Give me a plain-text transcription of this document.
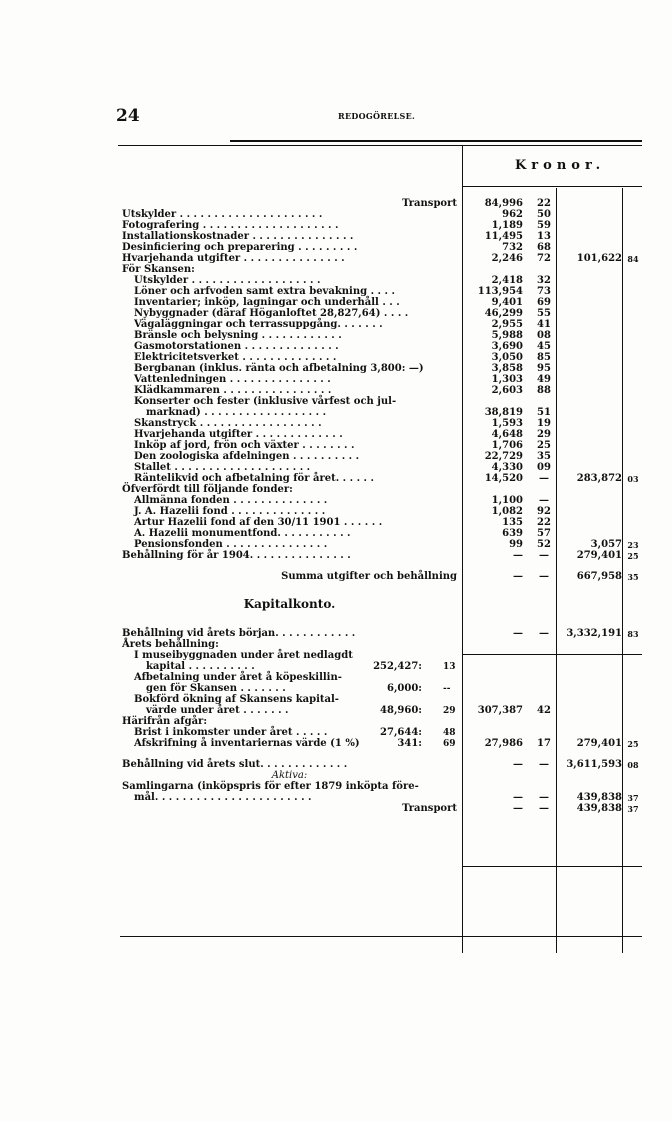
24	REDOGÖRELSE.
Kronor.
Transport	84,996	22
Utskylder . . . . . . . . . . . . . . . . . . . . .	962	50
Fotografering . . . . . . . . . . . . . . . . . . . .	1,189	59
Installationskostnader . . . . . . . . . . . . . . .	11,495	13
Desinficiering och preparering . . . . . . . . .	732	68
Hvarjehanda utgifter . . . . . . . . . . . . . . .	2,246	72	101,622 84
För Skansen:
Utskylder . . . . . . . . . . . . . . . . . . .	2,418	32
Löner och arfvoden samt extra bevakning . . . .	113,954	73
Inventarier; inköp, lagningar och underhåll . . .	9,401	69
Nybyggnader (däraf Höganloftet 28,827,64) . . . .	46,299	55
Vägaläggningar och terrassuppgång. . . . . . .	2,955	41
Bränsle och belysning . . . . . . . . . . . .	5,988	08
Gasmotorstationen . . . . . . . . . . . . . .	3,690	45
Elektricitetsverket . . . . . . . . . . . . . .	3,050	85
Bergbanan (inklus. ränta och afbetalning 3,800: —)	3,858	95
Vattenledningen . . . . . . . . . . . . . . .	1,303	49
Klädkammaren . . . . . . . . . . . . . . . .	2,603	88
Konserter och fester (inklusive vårfest och jul-
marknad) . . . . . . . . . . . . . . . . . .	38,819	51
Skanstryck . . . . . . . . . . . . . . . . . .	1,593	19
Hvarjehanda utgifter . . . . . . . . . . . . .	4,648	29
Inköp af jord, frön och växter . . . . . . . .	1,706	25
Den zoologiska afdelningen . . . . . . . . . .	22,729	35
Stallet . . . . . . . . . . . . . . . . . . . .	4,330	09
Räntelikvid och afbetalning för året. . . . . .	14,520	—	283,872 03
Öfverfördt till följande fonder:
Allmänna fonden . . . . . . . . . . . . . .	1,100	—
J. A. Hazelii fond . . . . . . . . . . . . . .	1,082	92
Artur Hazelii fond af den 30/11 1901 . . . . . .	135	22
A. Hazelii monumentfond. . . . . . . . . . .	639	57
Pensionsfonden . . . . . . . . . . . . . . .	99	52	3,057 23
Behållning för år 1904. . . . . . . . . . . . . . .	—	—	279,401 25
Summa utgifter och behållning	—	—	667,958 35
Kapitalkonto.
Behållning vid årets början. . . . . . . . . . . .	—	—	3,332,191 83
Årets behållning:
I museibyggnaden under året nedlagdt
kapital . . . . . . . . . .	252,427: 13
Afbetalning under året å köpeskillin-
gen för Skansen . . . . . . .	6,000: --
Bokförd ökning af Skansens kapital-
värde under året . . . . . . .	48,960: 29	307,387	42
Härifrån afgår:
Brist i inkomster under året . . . . .	27,644: 48
Afskrifning å inventariernas värde (1 %)	341: 69	27,986	17	279,401 25
Behållning vid årets slut. . . . . . . . . . . . .	—	—	3,611,593 08
Aktiva:
Samlingarna (inköpspris för efter 1879 inköpta före-
mål. . . . . . . . . . . . . . . . . . . . . . .	—	—	439,838 37
Transport	—	—	439,838 37
